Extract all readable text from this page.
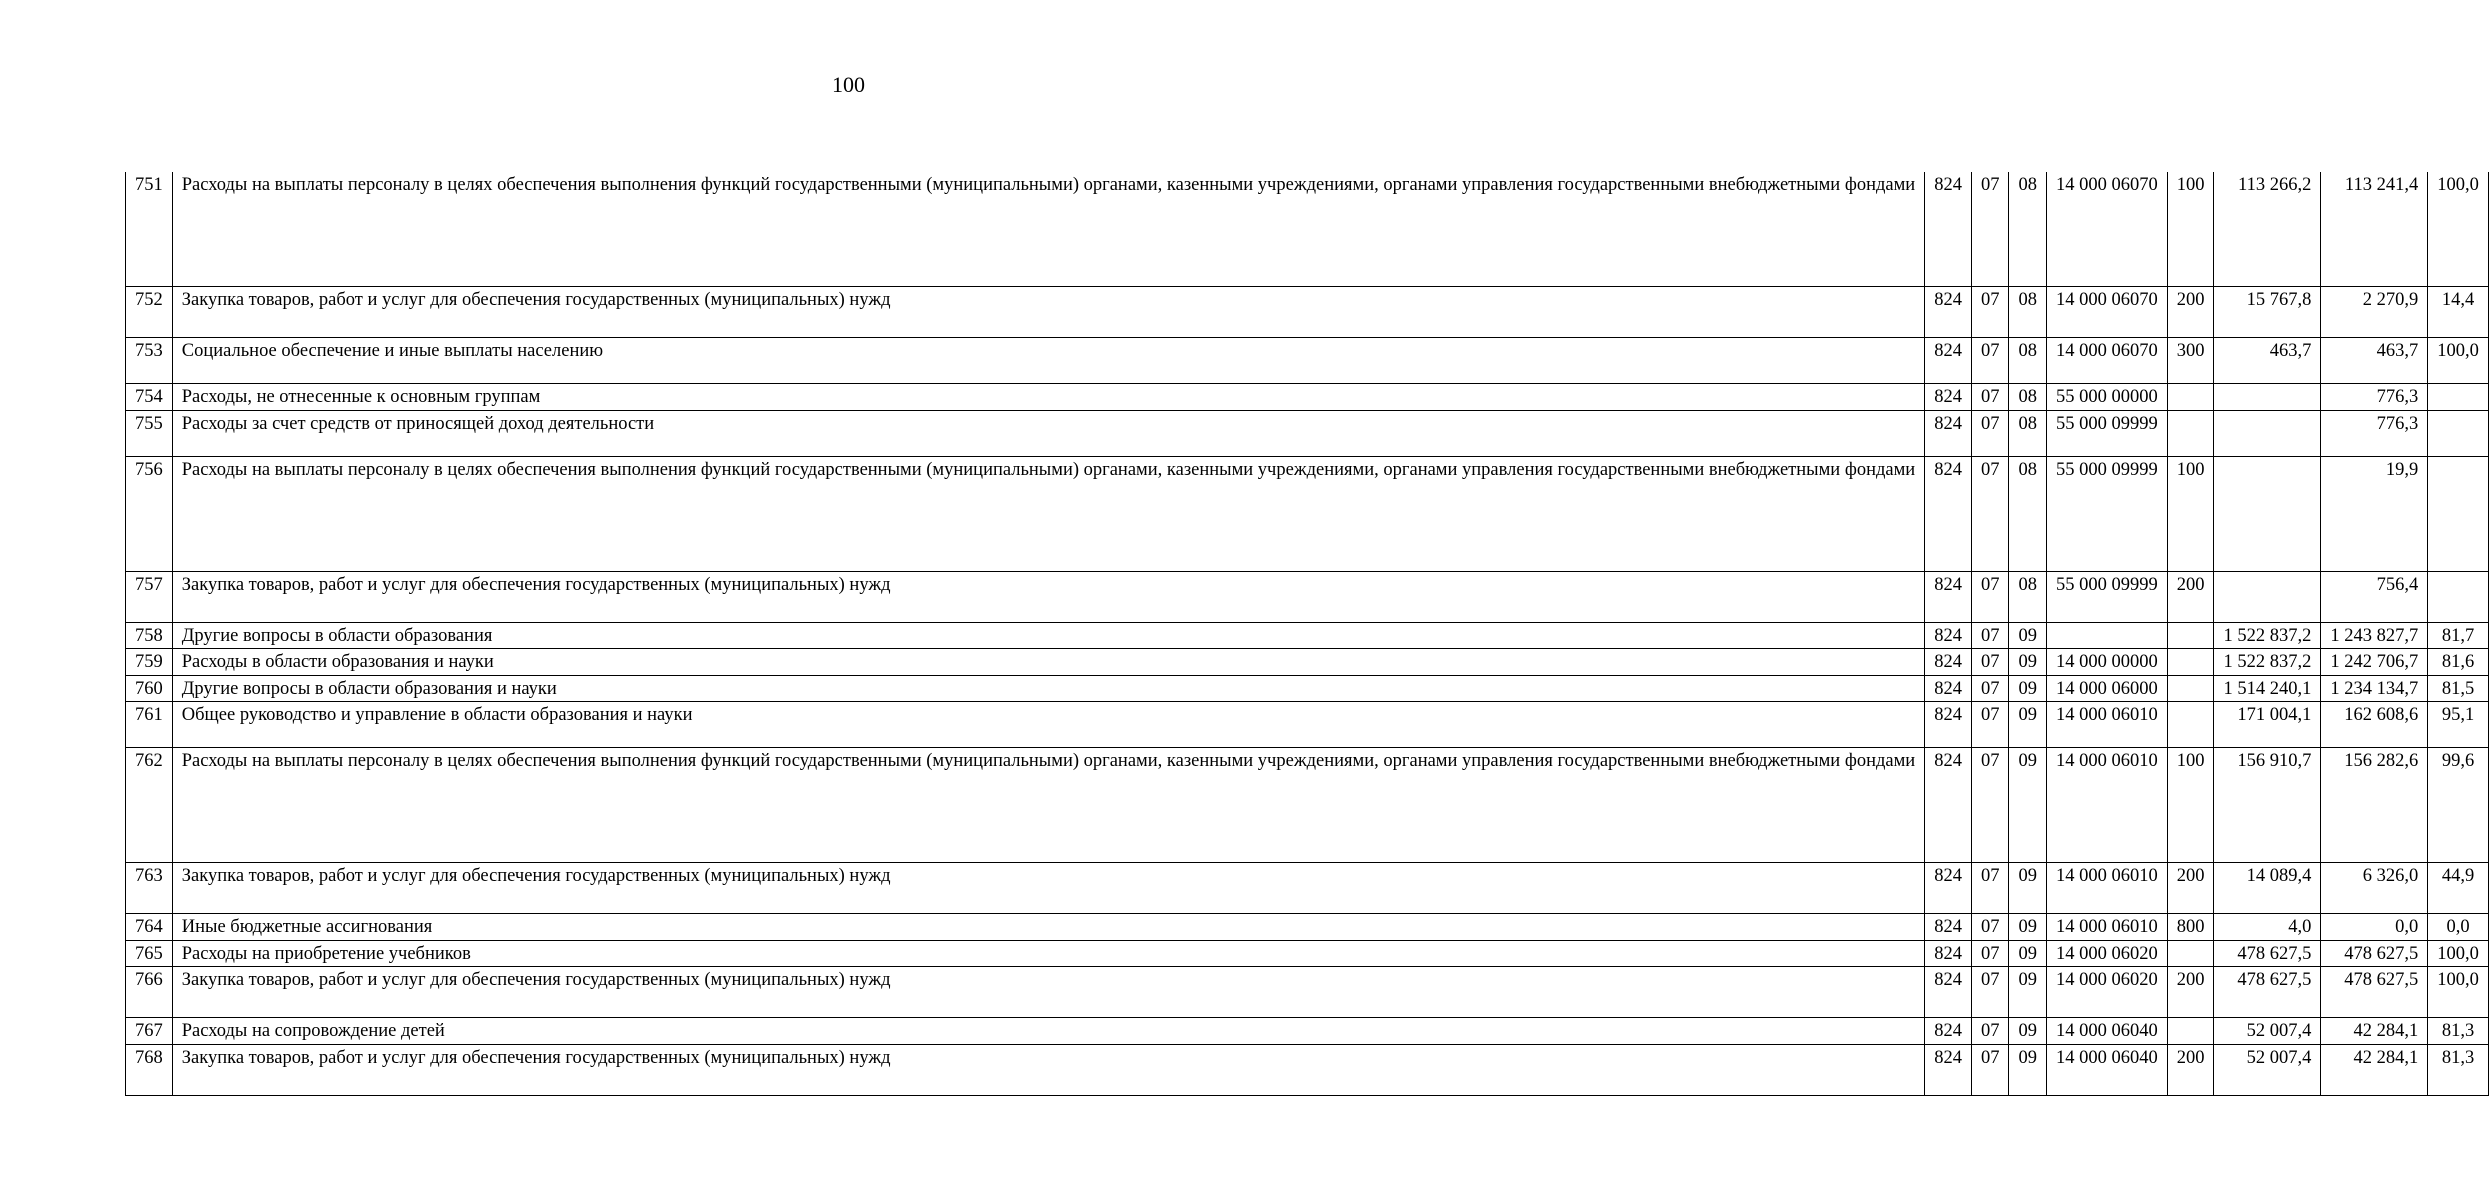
100
751	Расходы на выплаты персоналу в целях обеспечения выполнения функций государственными (муниципальными) органами, казенными учреждениями, органами управления государственными внебюджетными фондами	824	07	08	14 000 06070	100	113 266,2	113 241,4	100,0
752	Закупка товаров, работ и услуг для обеспечения государственных (муниципальных) нужд	824	07	08	14 000 06070	200	15 767,8	2 270,9	14,4
753	Социальное обеспечение и иные выплаты населению	824	07	08	14 000 06070	300	463,7	463,7	100,0
754	Расходы, не отнесенные к основным группам	824	07	08	55 000 00000			776,3	
755	Расходы за счет средств от приносящей доход деятельности	824	07	08	55 000 09999			776,3	
756	Расходы на выплаты персоналу в целях обеспечения выполнения функций государственными (муниципальными) органами, казенными учреждениями, органами управления государственными внебюджетными фондами	824	07	08	55 000 09999	100		19,9	
757	Закупка товаров, работ и услуг для обеспечения государственных (муниципальных) нужд	824	07	08	55 000 09999	200		756,4	
758	Другие вопросы в области образования	824	07	09			1 522 837,2	1 243 827,7	81,7
759	Расходы в области образования и науки	824	07	09	14 000 00000		1 522 837,2	1 242 706,7	81,6
760	Другие вопросы в области образования и науки	824	07	09	14 000 06000		1 514 240,1	1 234 134,7	81,5
761	Общее руководство и управление в области образования и науки	824	07	09	14 000 06010		171 004,1	162 608,6	95,1
762	Расходы на выплаты персоналу в целях обеспечения выполнения функций государственными (муниципальными) органами, казенными учреждениями, органами управления государственными внебюджетными фондами	824	07	09	14 000 06010	100	156 910,7	156 282,6	99,6
763	Закупка товаров, работ и услуг для обеспечения государственных (муниципальных) нужд	824	07	09	14 000 06010	200	14 089,4	6 326,0	44,9
764	Иные бюджетные ассигнования	824	07	09	14 000 06010	800	4,0	0,0	0,0
765	Расходы на приобретение учебников	824	07	09	14 000 06020		478 627,5	478 627,5	100,0
766	Закупка товаров, работ и услуг для обеспечения государственных (муниципальных) нужд	824	07	09	14 000 06020	200	478 627,5	478 627,5	100,0
767	Расходы на сопровождение детей	824	07	09	14 000 06040		52 007,4	42 284,1	81,3
768	Закупка товаров, работ и услуг для обеспечения государственных (муниципальных) нужд	824	07	09	14 000 06040	200	52 007,4	42 284,1	81,3
